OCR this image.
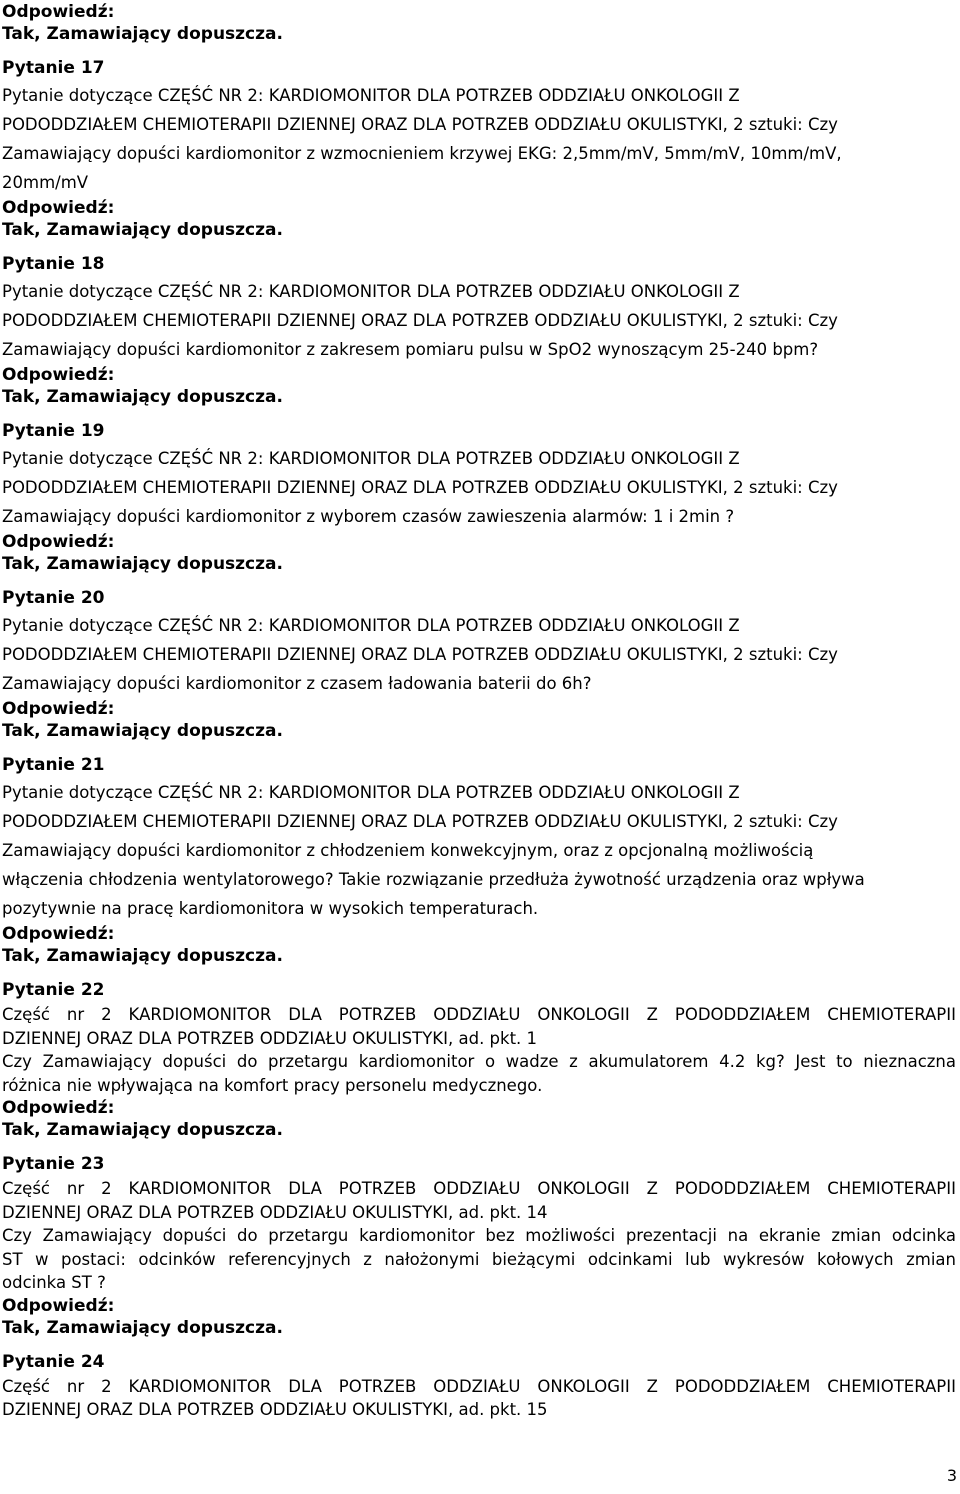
Odpowiedź:
Tak, Zamawiający dopuszcza.
Pytanie 17
Pytanie dotyczące CZĘŚĆ NR 2: KARDIOMONITOR DLA POTRZEB ODDZIAŁU ONKOLOGII Z
PODODDZIAŁEM CHEMIOTERAPII DZIENNEJ ORAZ DLA POTRZEB ODDZIAŁU OKULISTYKI, 2 sztuki: Czy
Zamawiający dopuści kardiomonitor z wzmocnieniem krzywej EKG: 2,5mm/mV, 5mm/mV, 10mm/mV,
20mm/mV
Odpowiedź:
Tak, Zamawiający dopuszcza.
Pytanie 18
Pytanie dotyczące CZĘŚĆ NR 2: KARDIOMONITOR DLA POTRZEB ODDZIAŁU ONKOLOGII Z
PODODDZIAŁEM CHEMIOTERAPII DZIENNEJ ORAZ DLA POTRZEB ODDZIAŁU OKULISTYKI, 2 sztuki: Czy
Zamawiający dopuści kardiomonitor z zakresem pomiaru pulsu w SpO2 wynoszącym 25-240 bpm?
Odpowiedź:
Tak, Zamawiający dopuszcza.
Pytanie 19
Pytanie dotyczące CZĘŚĆ NR 2: KARDIOMONITOR DLA POTRZEB ODDZIAŁU ONKOLOGII Z
PODODDZIAŁEM CHEMIOTERAPII DZIENNEJ ORAZ DLA POTRZEB ODDZIAŁU OKULISTYKI, 2 sztuki: Czy
Zamawiający dopuści kardiomonitor z wyborem czasów zawieszenia alarmów: 1 i 2min ?
Odpowiedź:
Tak, Zamawiający dopuszcza.
Pytanie 20
Pytanie dotyczące CZĘŚĆ NR 2: KARDIOMONITOR DLA POTRZEB ODDZIAŁU ONKOLOGII Z
PODODDZIAŁEM CHEMIOTERAPII DZIENNEJ ORAZ DLA POTRZEB ODDZIAŁU OKULISTYKI, 2 sztuki: Czy
Zamawiający dopuści kardiomonitor z czasem ładowania baterii do 6h?
Odpowiedź:
Tak, Zamawiający dopuszcza.
Pytanie 21
Pytanie dotyczące CZĘŚĆ NR 2: KARDIOMONITOR DLA POTRZEB ODDZIAŁU ONKOLOGII Z
PODODDZIAŁEM CHEMIOTERAPII DZIENNEJ ORAZ DLA POTRZEB ODDZIAŁU OKULISTYKI, 2 sztuki: Czy
Zamawiający dopuści kardiomonitor z chłodzeniem konwekcyjnym, oraz z opcjonalną możliwością
włączenia chłodzenia wentylatorowego? Takie rozwiązanie przedłuża żywotność urządzenia oraz wpływa
pozytywnie na pracę kardiomonitora w wysokich temperaturach.
Odpowiedź:
Tak, Zamawiający dopuszcza.
Pytanie 22
Część nr 2 KARDIOMONITOR DLA POTRZEB ODDZIAŁU ONKOLOGII Z PODODDZIAŁEM CHEMIOTERAPII
DZIENNEJ ORAZ DLA POTRZEB ODDZIAŁU OKULISTYKI, ad. pkt. 1
Czy Zamawiający dopuści do przetargu kardiomonitor o wadze z akumulatorem 4.2 kg? Jest to nieznaczna
różnica nie wpływająca na komfort pracy personelu medycznego.
Odpowiedź:
Tak, Zamawiający dopuszcza.
Pytanie 23
Część nr 2 KARDIOMONITOR DLA POTRZEB ODDZIAŁU ONKOLOGII Z PODODDZIAŁEM CHEMIOTERAPII
DZIENNEJ ORAZ DLA POTRZEB ODDZIAŁU OKULISTYKI, ad. pkt. 14
Czy Zamawiający dopuści do przetargu kardiomonitor bez możliwości prezentacji na ekranie zmian odcinka
ST w postaci: odcinków referencyjnych z nałożonymi bieżącymi odcinkami lub wykresów kołowych zmian
odcinka ST ?
Odpowiedź:
Tak, Zamawiający dopuszcza.
Pytanie 24
Część nr 2 KARDIOMONITOR DLA POTRZEB ODDZIAŁU ONKOLOGII Z PODODDZIAŁEM CHEMIOTERAPII
DZIENNEJ ORAZ DLA POTRZEB ODDZIAŁU OKULISTYKI, ad. pkt. 15
3
